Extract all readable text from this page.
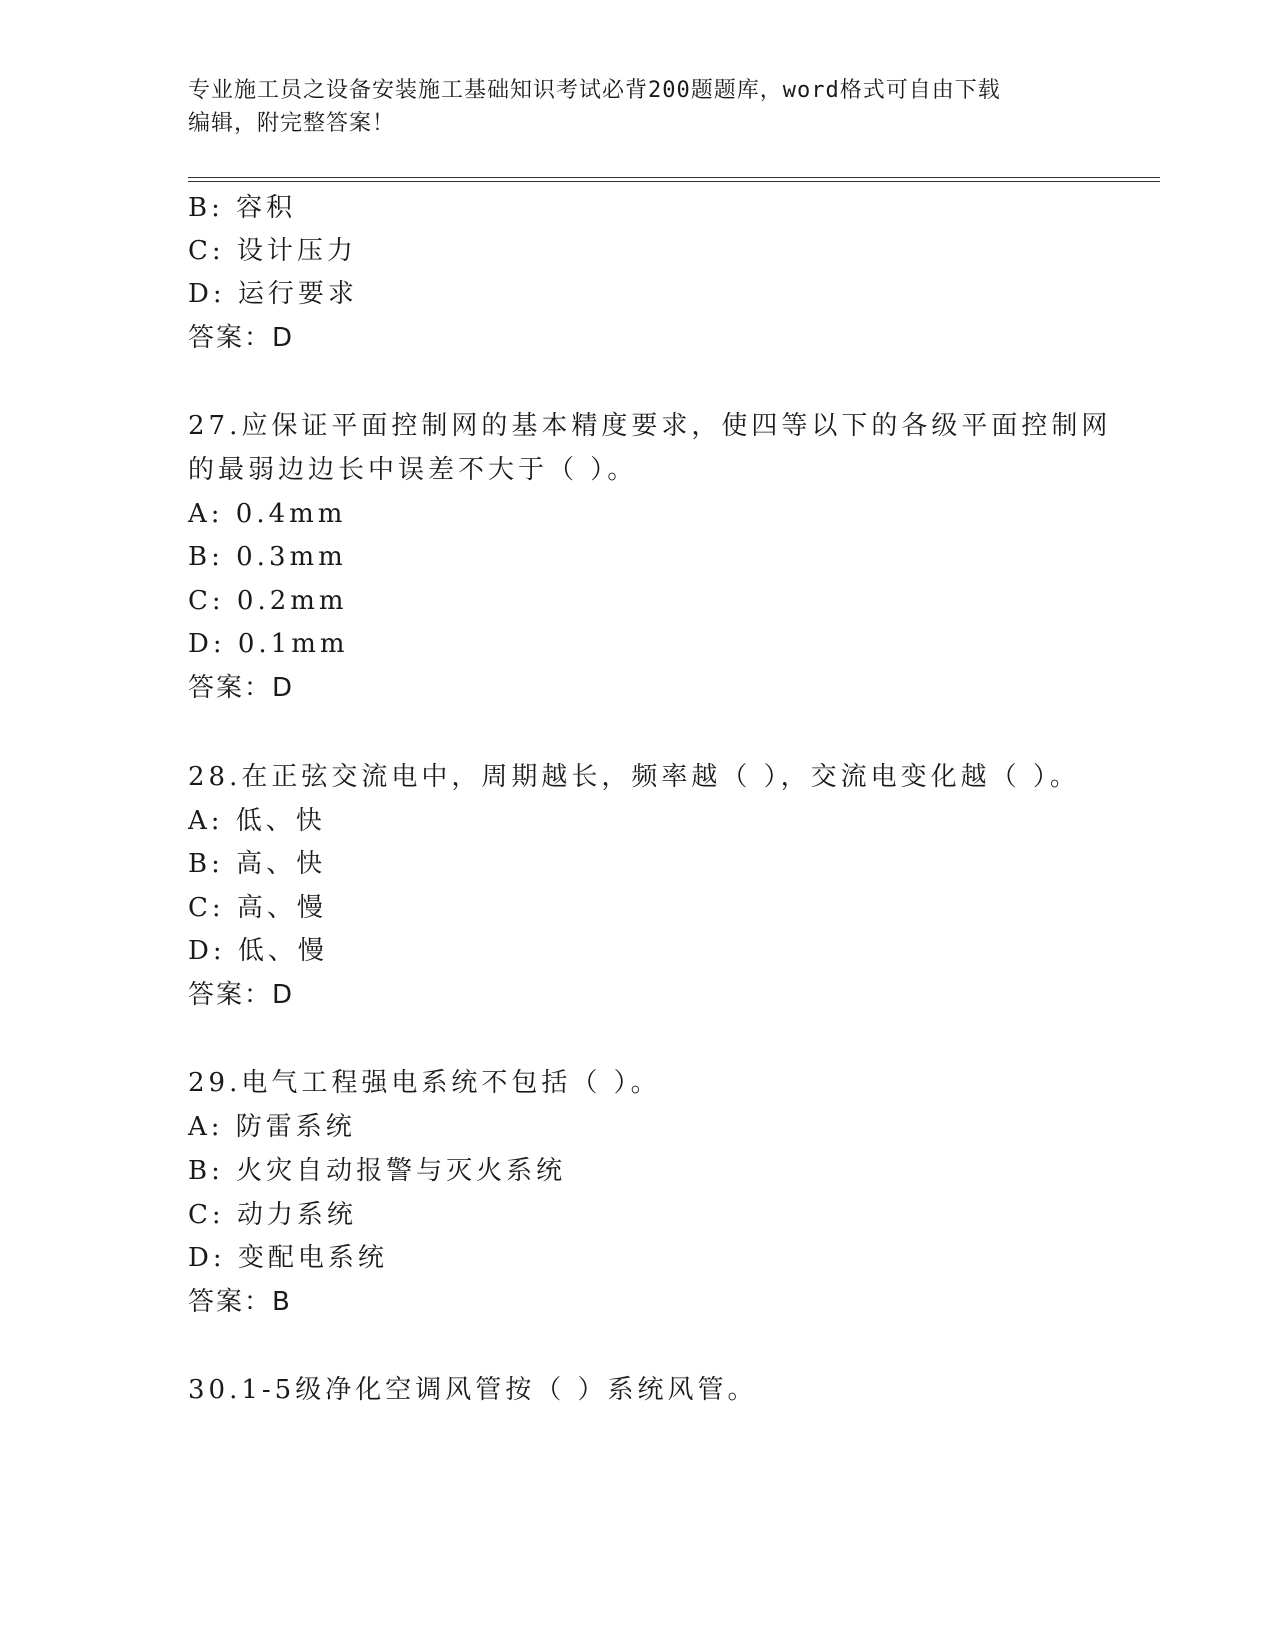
专业施工员之设备安装施工基础知识考试必背200题题库，word格式可自由下载
编辑，附完整答案！
B: 容积
C: 设计压力
D: 运行要求
答案：D
27.应保证平面控制网的基本精度要求，使四等以下的各级平面控制网
的最弱边边长中误差不大于（ ）。
A: 0.4mm
B: 0.3mm
C: 0.2mm
D: 0.1mm
答案：D
28.在正弦交流电中，周期越长，频率越（ ），交流电变化越（ ）。
A: 低、快
B: 高、快
C: 高、慢
D: 低、慢
答案：D
29.电气工程强电系统不包括（ ）。
A: 防雷系统
B: 火灾自动报警与灭火系统
C: 动力系统
D: 变配电系统
答案：B
30.1-5级净化空调风管按（ ）系统风管。
